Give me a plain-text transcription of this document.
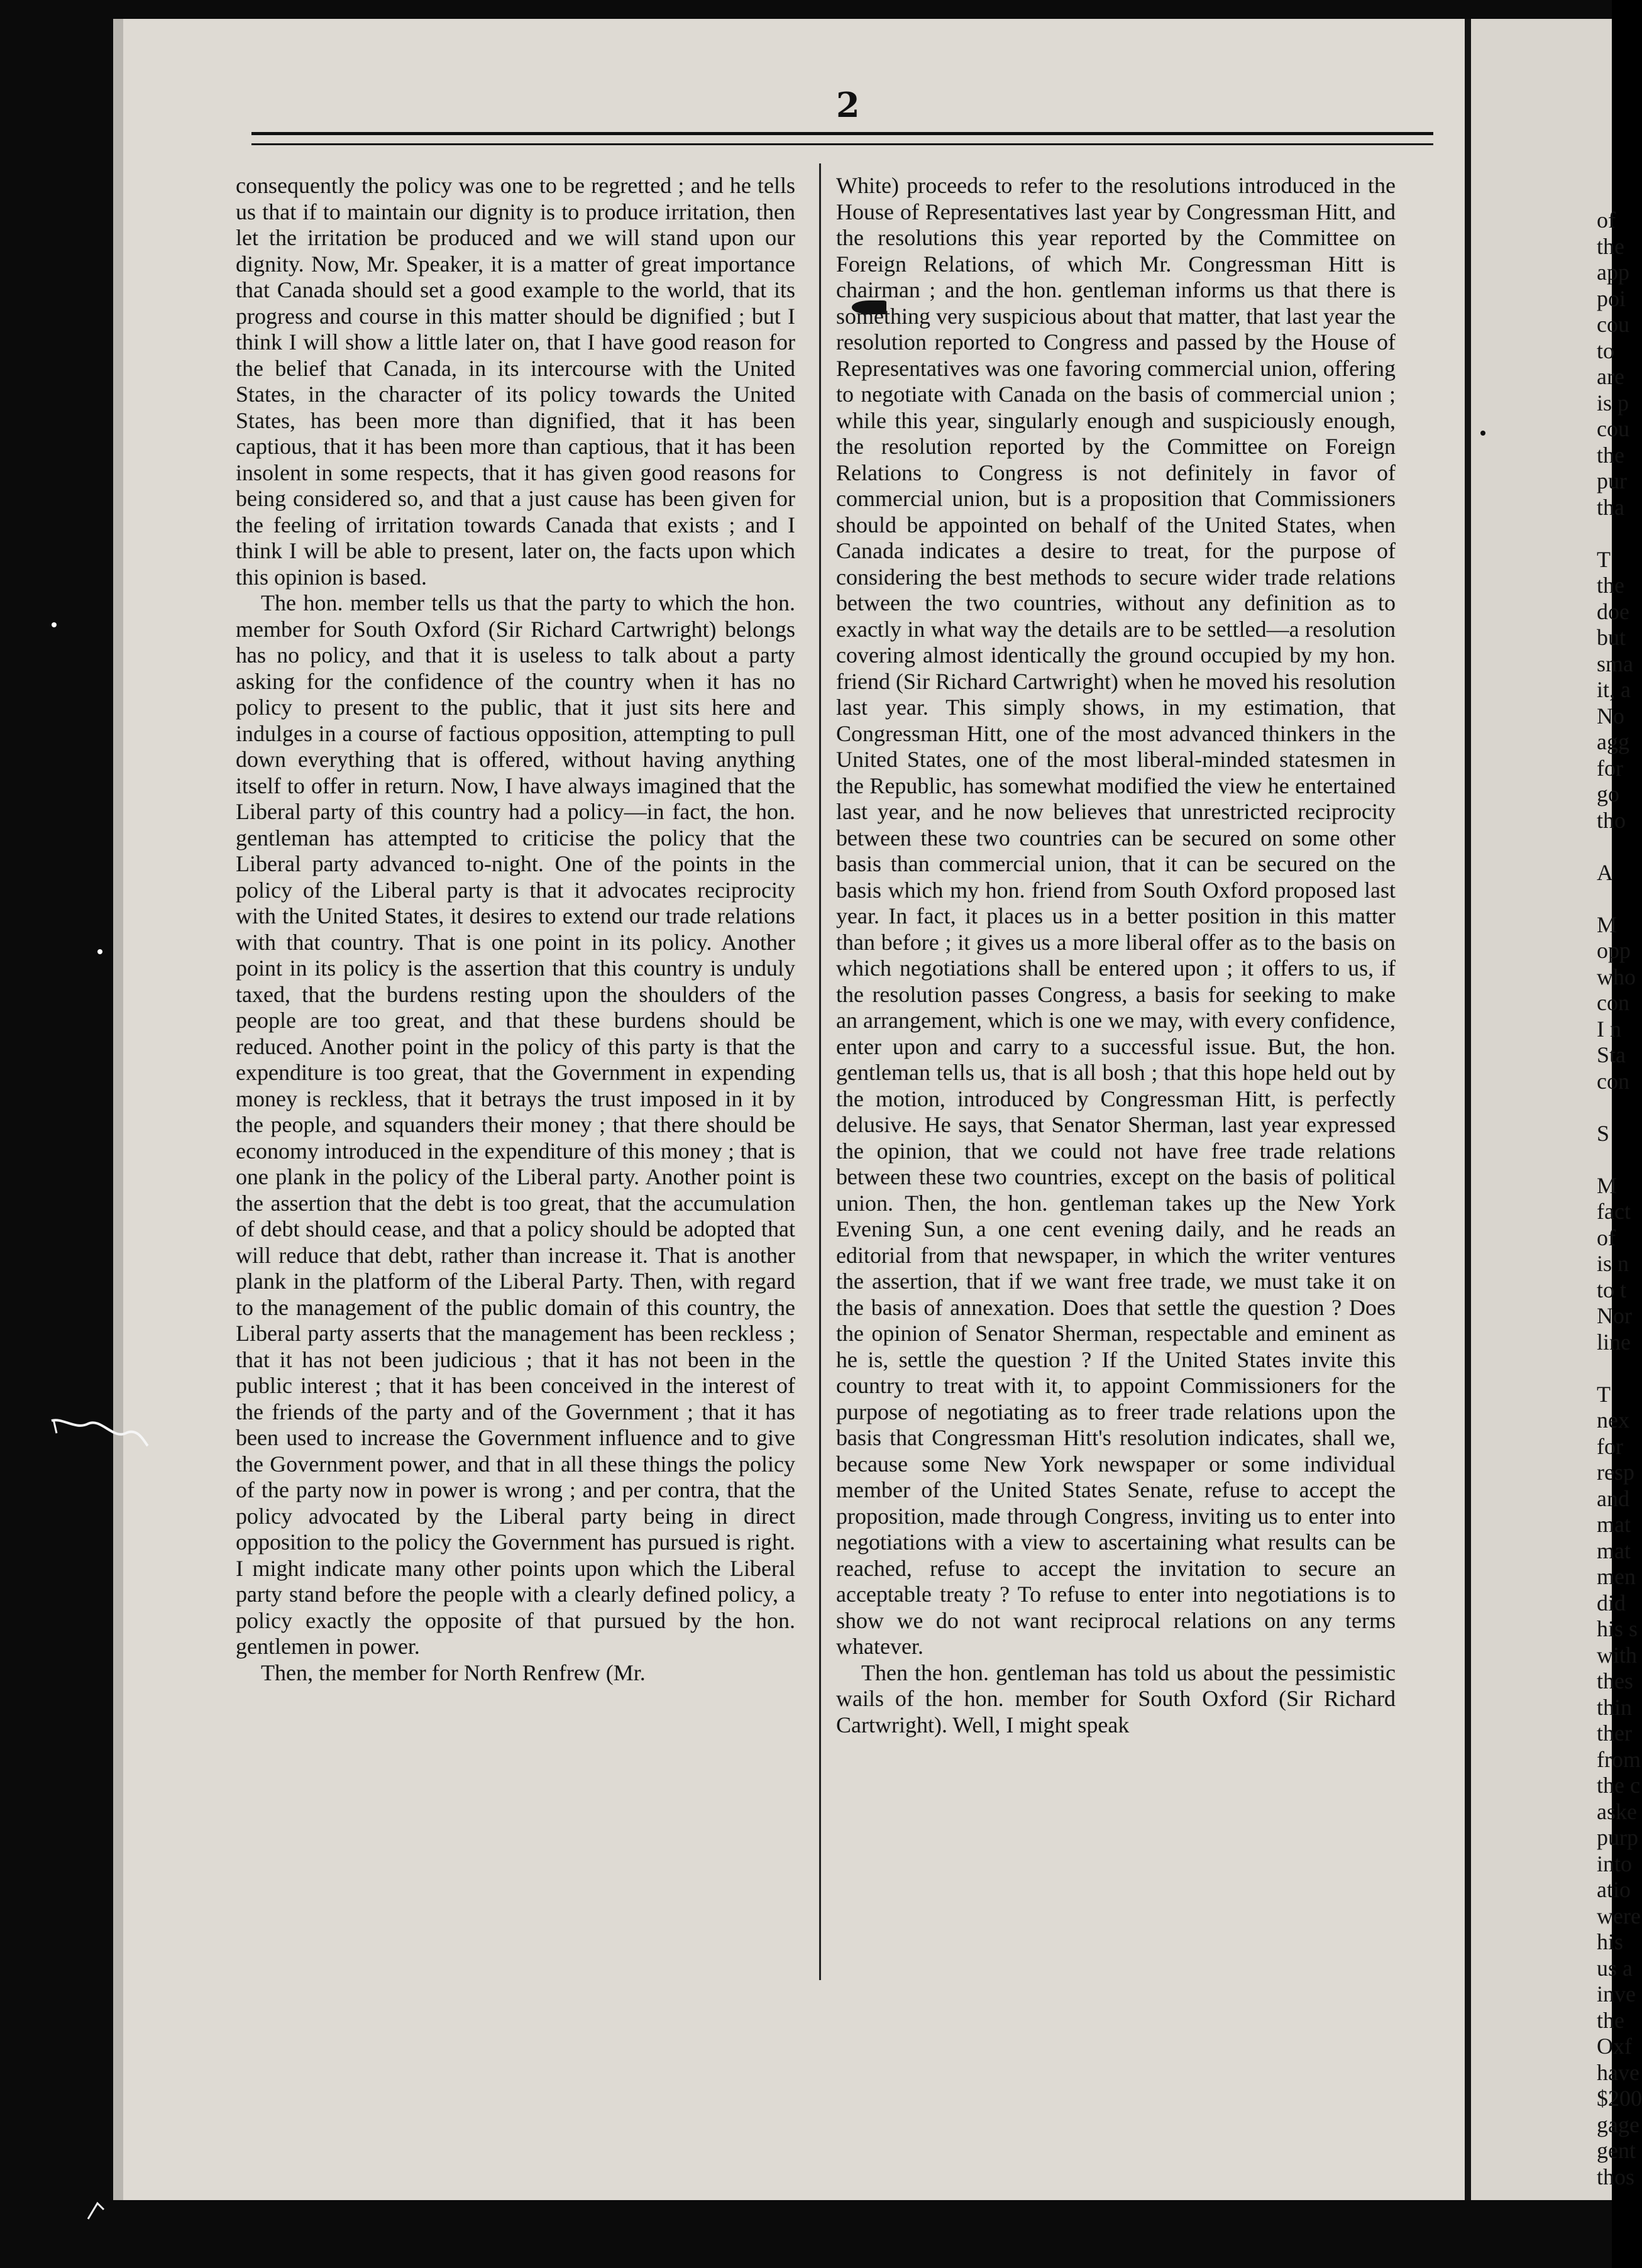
2

consequently the policy was one to be regretted ; and he tells us that if to maintain our dignity is to produce irritation, then let the irritation be produced and we will stand upon our dignity. Now, Mr. Speaker, it is a matter of great importance that Canada should set a good example to the world, that its progress and course in this matter should be dignified ; but I think I will show a little later on, that I have good reason for the belief that Canada, in its intercourse with the United States, in the character of its policy towards the United States, has been more than dignified, that it has been captious, that it has been more than captious, that it has been insolent in some respects, that it has given good reasons for being considered so, and that a just cause has been given for the feeling of irritation towards Canada that exists ; and I think I will be able to present, later on, the facts upon which this opinion is based.

The hon. member tells us that the party to which the hon. member for South Oxford (Sir Richard Cartwright) belongs has no policy, and that it is useless to talk about a party asking for the confidence of the country when it has no policy to present to the public, that it just sits here and indulges in a course of factious opposition, attempting to pull down everything that is offered, without having anything itself to offer in return. Now, I have always imagined that the Liberal party of this country had a policy—in fact, the hon. gentleman has attempted to criticise the policy that the Liberal party advanced to-night. One of the points in the policy of the Liberal party is that it advocates reciprocity with the United States, it desires to extend our trade relations with that country. That is one point in its policy. Another point in its policy is the assertion that this country is unduly taxed, that the burdens resting upon the shoulders of the people are too great, and that these burdens should be reduced. Another point in the policy of this party is that the expenditure is too great, that the Government in expending money is reckless, that it betrays the trust imposed in it by the people, and squanders their money ; that there should be economy introduced in the expenditure of this money ; that is one plank in the policy of the Liberal party. Another point is the assertion that the debt is too great, that the accumulation of debt should cease, and that a policy should be adopted that will reduce that debt, rather than increase it. That is another plank in the platform of the Liberal Party. Then, with regard to the management of the public domain of this country, the Liberal party asserts that the management has been reckless ; that it has not been judicious ; that it has not been in the public interest ; that it has been conceived in the interest of the friends of the party and of the Government ; that it has been used to increase the Government influence and to give the Government power, and that in all these things the policy of the party now in power is wrong ; and per contra, that the policy advocated by the Liberal party being in direct opposition to the policy the Government has pursued is right. I might indicate many other points upon which the Liberal party stand before the people with a clearly defined policy, a policy exactly the opposite of that pursued by the hon. gentlemen in power.

Then, the member for North Renfrew (Mr.

White) proceeds to refer to the resolutions introduced in the House of Representatives last year by Congressman Hitt, and the resolutions this year reported by the Committee on Foreign Relations, of which Mr. Congressman Hitt is chairman ; and the hon. gentleman informs us that there is something very suspicious about that matter, that last year the resolution reported to Congress and passed by the House of Representatives was one favoring commercial union, offering to negotiate with Canada on the basis of commercial union ; while this year, singularly enough and suspiciously enough, the resolution reported by the Committee on Foreign Relations to Congress is not definitely in favor of commercial union, but is a proposition that Commissioners should be appointed on behalf of the United States, when Canada indicates a desire to treat, for the purpose of considering the best methods to secure wider trade relations between the two countries, without any definition as to exactly in what way the details are to be settled—a resolution covering almost identically the ground occupied by my hon. friend (Sir Richard Cartwright) when he moved his resolution last year. This simply shows, in my estimation, that Congressman Hitt, one of the most advanced thinkers in the United States, one of the most liberal-minded statesmen in the Republic, has somewhat modified the view he entertained last year, and he now believes that unrestricted reciprocity between these two countries can be secured on some other basis than commercial union, that it can be secured on the basis which my hon. friend from South Oxford proposed last year. In fact, it places us in a better position in this matter than before ; it gives us a more liberal offer as to the basis on which negotiations shall be entered upon ; it offers to us, if the resolution passes Congress, a basis for seeking to make an arrangement, which is one we may, with every confidence, enter upon and carry to a successful issue. But, the hon. gentleman tells us, that is all bosh ; that this hope held out by the motion, introduced by Congressman Hitt, is perfectly delusive. He says, that Senator Sherman, last year expressed the opinion, that we could not have free trade relations between these two countries, except on the basis of political union. Then, the hon. gentleman takes up the New York Evening Sun, a one cent evening daily, and he reads an editorial from that newspaper, in which the writer ventures the assertion, that if we want free trade, we must take it on the basis of annexation. Does that settle the question ? Does the opinion of Senator Sherman, respectable and eminent as he is, settle the question ? If the United States invite this country to treat with it, to appoint Commissioners for the purpose of negotiating as to freer trade relations upon the basis that Congressman Hitt's resolution indicates, shall we, because some New York newspaper or some individual member of the United States Senate, refuse to accept the proposition, made through Congress, inviting us to enter into negotiations with a view to ascertaining what results can be reached, refuse to accept the invitation to secure an acceptable treaty ? To refuse to enter into negotiations is to show we do not want reciprocal relations on any terms whatever.

Then the hon. gentleman has told us about the pessimistic wails of the hon. member for South Oxford (Sir Richard Cartwright). Well, I might speak

of
the
app
poi
cou
to
are
is p
cou
the
pur
tha
T
the
doe
but
sma
it, a
No
agg
for
go
tho
A
M
opp
who
con
I n
Sta
con
S
M
fact
of
is n
to t
Nor
line
T
nex
for
resp
and
mat
mat
men
did
his s
with
thes
thin
ther
from
the c
aske
purp
into
atio
were
his
us a
inve
the
Oxf
have
$200
gage
gent
thos
